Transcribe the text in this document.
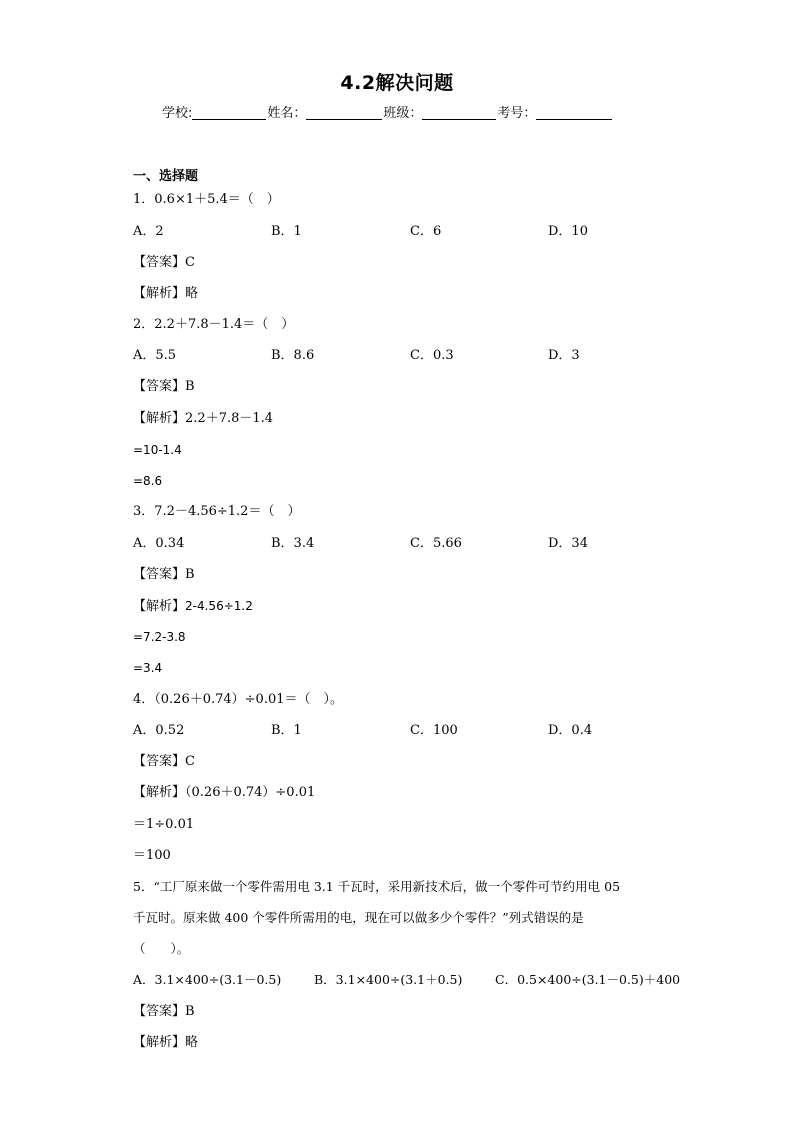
4.2解决问题
学校:	姓名：	班级：	考号：
一、选择题
1．0.6×1＋5.4＝（　）
A．2	B．1	C．6	D．10
【答案】C
【解析】略
2．2.2＋7.8－1.4＝（　）
A．5.5	B．8.6	C．0.3	D．3
【答案】B
【解析】2.2＋7.8－1.4
=10-1.4
=8.6
3．7.2－4.56÷1.2＝（　）
A．0.34	B．3.4	C．5.66	D．34
【答案】B
【解析】2-4.56÷1.2
=7.2-3.8
=3.4
4．（0.26＋0.74）÷0.01＝（　）。
A．0.52	B．1	C．100	D．0.4
【答案】C
【解析】（0.26＋0.74）÷0.01
＝1÷0.01
＝100
5．“工厂原来做一个零件需用电 3.1 千瓦时，采用新技术后，做一个零件可节约用电 05
千瓦时。原来做 400 个零件所需用的电，现在可以做多少个零件？”列式错误的是
（　　）。
A．3.1×400÷(3.1－0.5)	B．3.1×400÷(3.1＋0.5)	C．0.5×400÷(3.1－0.5)＋400
【答案】B
【解析】略
